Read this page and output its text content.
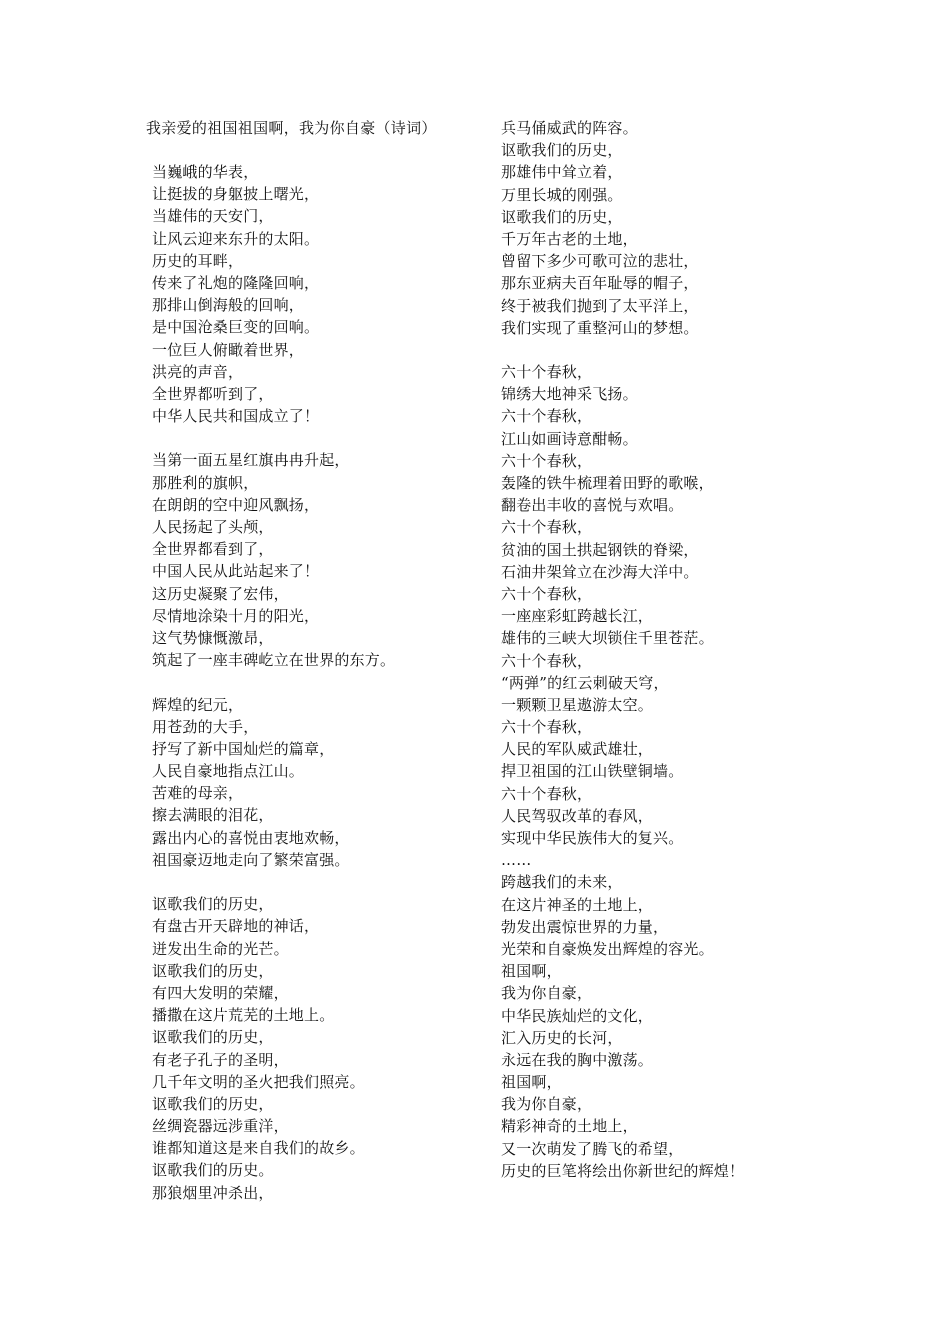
我亲爱的祖国祖国啊，我为你自豪（诗词）
当巍峨的华表，
让挺拔的身躯披上曙光，
当雄伟的天安门，
让风云迎来东升的太阳。
历史的耳畔，
传来了礼炮的隆隆回响，
那排山倒海般的回响，
是中国沧桑巨变的回响。
一位巨人俯瞰着世界，
洪亮的声音，
全世界都听到了，
中华人民共和国成立了！
当第一面五星红旗冉冉升起，
那胜利的旗帜，
在朗朗的空中迎风飘扬，
人民扬起了头颅，
全世界都看到了，
中国人民从此站起来了！
这历史凝聚了宏伟，
尽情地涂染十月的阳光，
这气势慷慨激昂，
筑起了一座丰碑屹立在世界的东方。
辉煌的纪元，
用苍劲的大手，
抒写了新中国灿烂的篇章，
人民自豪地指点江山。
苦难的母亲，
擦去满眼的泪花，
露出内心的喜悦由衷地欢畅，
祖国豪迈地走向了繁荣富强。
讴歌我们的历史，
有盘古开天辟地的神话，
迸发出生命的光芒。
讴歌我们的历史，
有四大发明的荣耀，
播撒在这片荒芜的土地上。
讴歌我们的历史，
有老子孔子的圣明，
几千年文明的圣火把我们照亮。
讴歌我们的历史，
丝绸瓷器远涉重洋，
谁都知道这是来自我们的故乡。
讴歌我们的历史。
那狼烟里冲杀出，
兵马俑威武的阵容。
讴歌我们的历史，
那雄伟中耸立着，
万里长城的刚强。
讴歌我们的历史，
千万年古老的土地，
曾留下多少可歌可泣的悲壮，
那东亚病夫百年耻辱的帽子，
终于被我们抛到了太平洋上，
我们实现了重整河山的梦想。
六十个春秋，
锦绣大地神采飞扬。
六十个春秋，
江山如画诗意酣畅。
六十个春秋，
轰隆的铁牛梳理着田野的歌喉，
翻卷出丰收的喜悦与欢唱。
六十个春秋，
贫油的国土拱起钢铁的脊梁，
石油井架耸立在沙海大洋中。
六十个春秋，
一座座彩虹跨越长江，
雄伟的三峡大坝锁住千里苍茫。
六十个春秋，
“两弹”的红云刺破天穹，
一颗颗卫星遨游太空。
六十个春秋，
人民的军队威武雄壮，
捍卫祖国的江山铁壁铜墙。
六十个春秋，
人民驾驭改革的春风，
实现中华民族伟大的复兴。
……
跨越我们的未来，
在这片神圣的土地上，
勃发出震惊世界的力量，
光荣和自豪焕发出辉煌的容光。
祖国啊，
我为你自豪，
中华民族灿烂的文化，
汇入历史的长河，
永远在我的胸中激荡。
祖国啊，
我为你自豪，
精彩神奇的土地上，
又一次萌发了腾飞的希望，
历史的巨笔将绘出你新世纪的辉煌！
